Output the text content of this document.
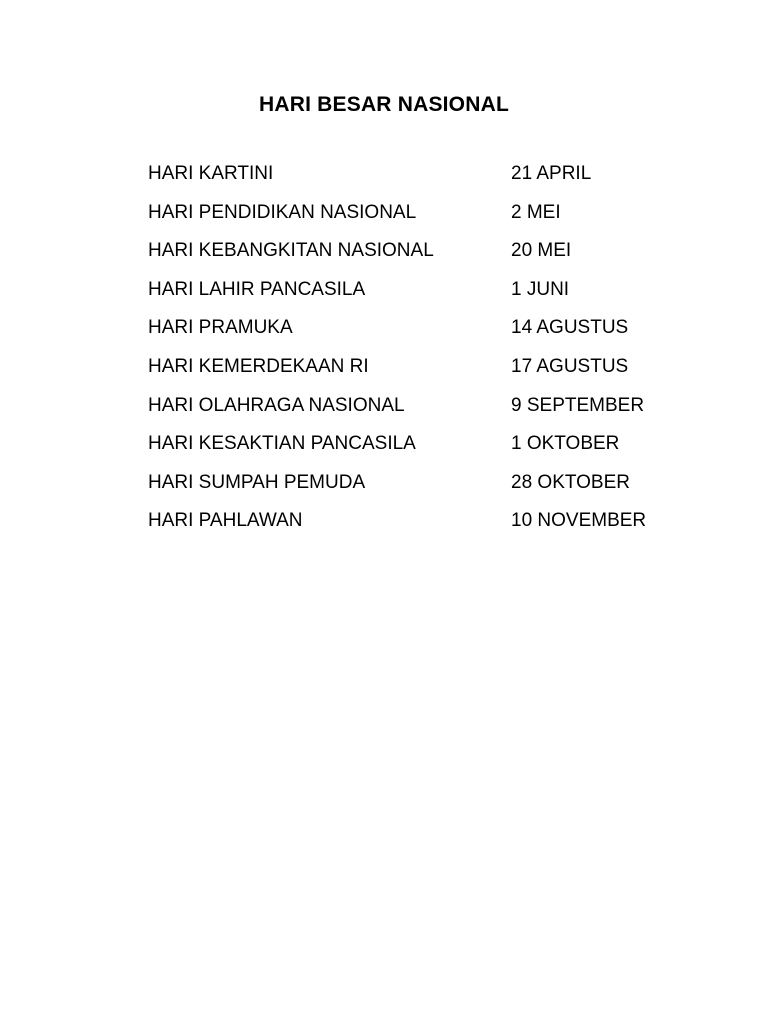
HARI BESAR NASIONAL
HARI KARTINI	21 APRIL
HARI PENDIDIKAN NASIONAL	2 MEI
HARI KEBANGKITAN NASIONAL	20 MEI
HARI LAHIR PANCASILA	1 JUNI
HARI PRAMUKA	14 AGUSTUS
HARI KEMERDEKAAN RI	17 AGUSTUS
HARI OLAHRAGA NASIONAL	9 SEPTEMBER
HARI KESAKTIAN PANCASILA	1 OKTOBER
HARI SUMPAH PEMUDA	28 OKTOBER
HARI PAHLAWAN	10 NOVEMBER
